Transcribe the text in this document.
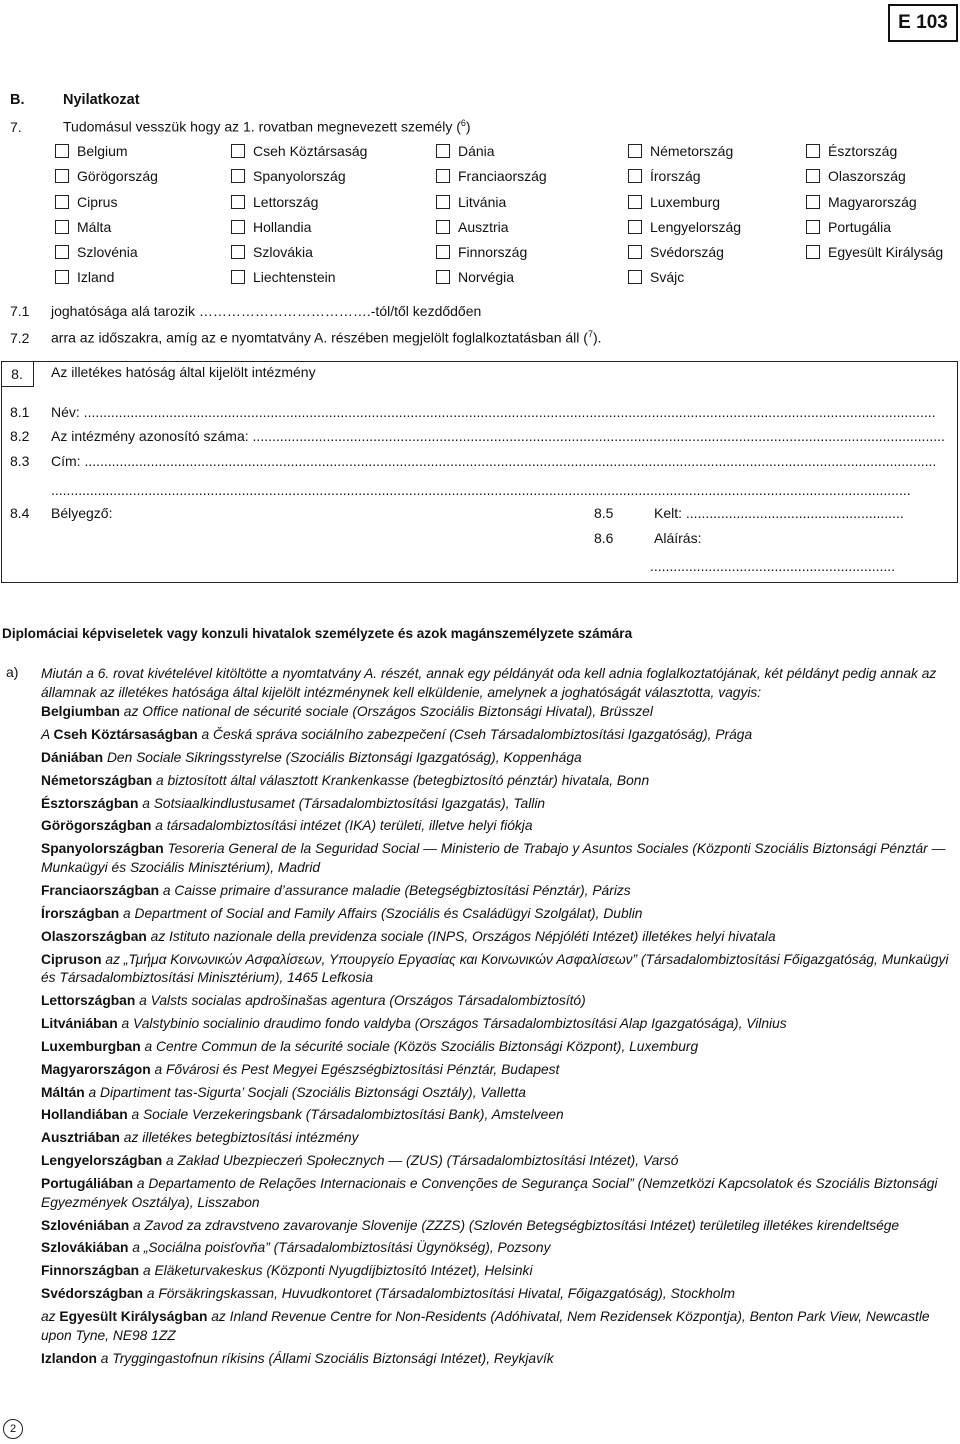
E 103
B.	Nyilatkozat
7.	Tudomásul vesszük hogy az 1. rovatban megnevezett személy ($^6$)
Belgium	Cseh Köztársaság	Dánia	Németország	Észtország
Görögország	Spanyolország	Franciaország	Írország	Olaszország
Ciprus	Lettország	Litvánia	Luxemburg	Magyarország
Málta	Hollandia	Ausztria	Lengyelország	Portugália
Szlovénia	Szlovákia	Finnország	Svédország	Egyesült Királyság
Izland	Liechtenstein	Norvégia	Svájc
7.1 joghatósága alá tarozik ……………………………….-tól/től kezdődően
7.2 arra az időszakra, amíg az e nyomtatvány A. részében megjelölt foglalkoztatásban áll ($^7$).
8.	Az illetékes hatóság által kijelölt intézmény
8.1 Név: ...........................................................................................................................................................................................................................
8.2 Az intézmény azonosító száma: ..................................................................................................................................................................................
8.3 Cím: ...........................................................................................................................................................................................................................
.............................................................................................................................................................................................................................
8.4 Bélyegző:	8.5	Kelt: ........................................................
8.6	Aláírás:
...............................................................
Diplomáciai képviseletek vagy konzuli hivatalok személyzete és azok magánszemélyzete számára
a) Miután a 6. rovat kivételével kitöltötte a nyomtatvány A. részét, annak egy példányát oda kell adnia foglalkoztatójának, két példányt pedig annak az államnak az illetékes hatósága által kijelölt intézménynek kell elküldenie, amelynek a joghatóságát választotta, vagyis:
Belgiumban az Office national de sécurité sociale (Országos Szociális Biztonsági Hivatal), Brüsszel
A Cseh Köztársaságban a Česká správa sociálního zabezpečení (Cseh Társadalombiztosítási Igazgatóság), Prága
Dániában Den Sociale Sikringsstyrelse (Szociális Biztonsági Igazgatóság), Koppenhága
Németországban a biztosított által választott Krankenkasse (betegbiztosító pénztár) hivatala, Bonn
Észtországban a Sotsiaalkindlustusamet (Társadalombiztosítási Igazgatás), Tallin
Görögországban a társadalombiztosítási intézet (IKA) területi, illetve helyi fiókja
Spanyolországban Tesoreria General de la Seguridad Social — Ministerio de Trabajo y Asuntos Sociales (Központi Szociális Biztonsági Pénztár — Munkaügyi és Szociális Minisztérium), Madrid
Franciaországban a Caisse primaire d’assurance maladie (Betegségbiztosítási Pénztár), Párizs
Írországban a Department of Social and Family Affairs (Szociális és Családügyi Szolgálat), Dublin
Olaszországban az Istituto nazionale della previdenza sociale (INPS, Országos Népjóléti Intézet) illetékes helyi hivatala
Cipruson az „Τμήμα Κοινωνικών Ασφαλίσεων, Υπουργείο Εργασίας και Κοινωνικών Ασφαλίσεων” (Társadalombiztosítási Főigazgatóság, Munkaügyi és Társadalombiztosítási Minisztérium), 1465 Lefkosia
Lettországban a Valsts socialas apdrošinašas agentura (Országos Társadalombiztosító)
Litvániában a Valstybinio socialinio draudimo fondo valdyba (Országos Társadalombiztosítási Alap Igazgatósága), Vilnius
Luxemburgban a Centre Commun de la sécurité sociale (Közös Szociális Biztonsági Központ), Luxemburg
Magyarországon a Fővárosi és Pest Megyei Egészségbiztosítási Pénztár, Budapest
Máltán a Dipartiment tas-Sigurta’ Socjali (Szociális Biztonsági Osztály), Valletta
Hollandiában a Sociale Verzekeringsbank (Társadalombiztosítási Bank), Amstelveen
Ausztriában az illetékes betegbiztosítási intézmény
Lengyelországban a Zakład Ubezpieczeń Społecznych — (ZUS) (Társadalombiztosítási Intézet), Varsó
Portugáliában a Departamento de Relações Internacionais e Convenções de Segurança Social” (Nemzetközi Kapcsolatok és Szociális Biztonsági Egyezmények Osztálya), Lisszabon
Szlovéniában a Zavod za zdravstveno zavarovanje Slovenije (ZZZS) (Szlovén Betegségbiztosítási Intézet) területileg illetékes kirendeltsége
Szlovákiában a „Sociálna poisťovňa” (Társadalombiztosítási Ügynökség), Pozsony
Finnországban a Eläketurvakeskus (Központi Nyugdíjbiztosító Intézet), Helsinki
Svédországban a Försäkringskassan, Huvudkontoret (Társadalombiztosítási Hivatal, Főigazgatóság), Stockholm
az Egyesült Királyságban az Inland Revenue Centre for Non-Residents (Adóhivatal, Nem Rezidensek Központja), Benton Park View, Newcastle upon Tyne, NE98 1ZZ
Izlandon a Tryggingastofnun ríkisins (Állami Szociális Biztonsági Intézet), Reykjavík
2
